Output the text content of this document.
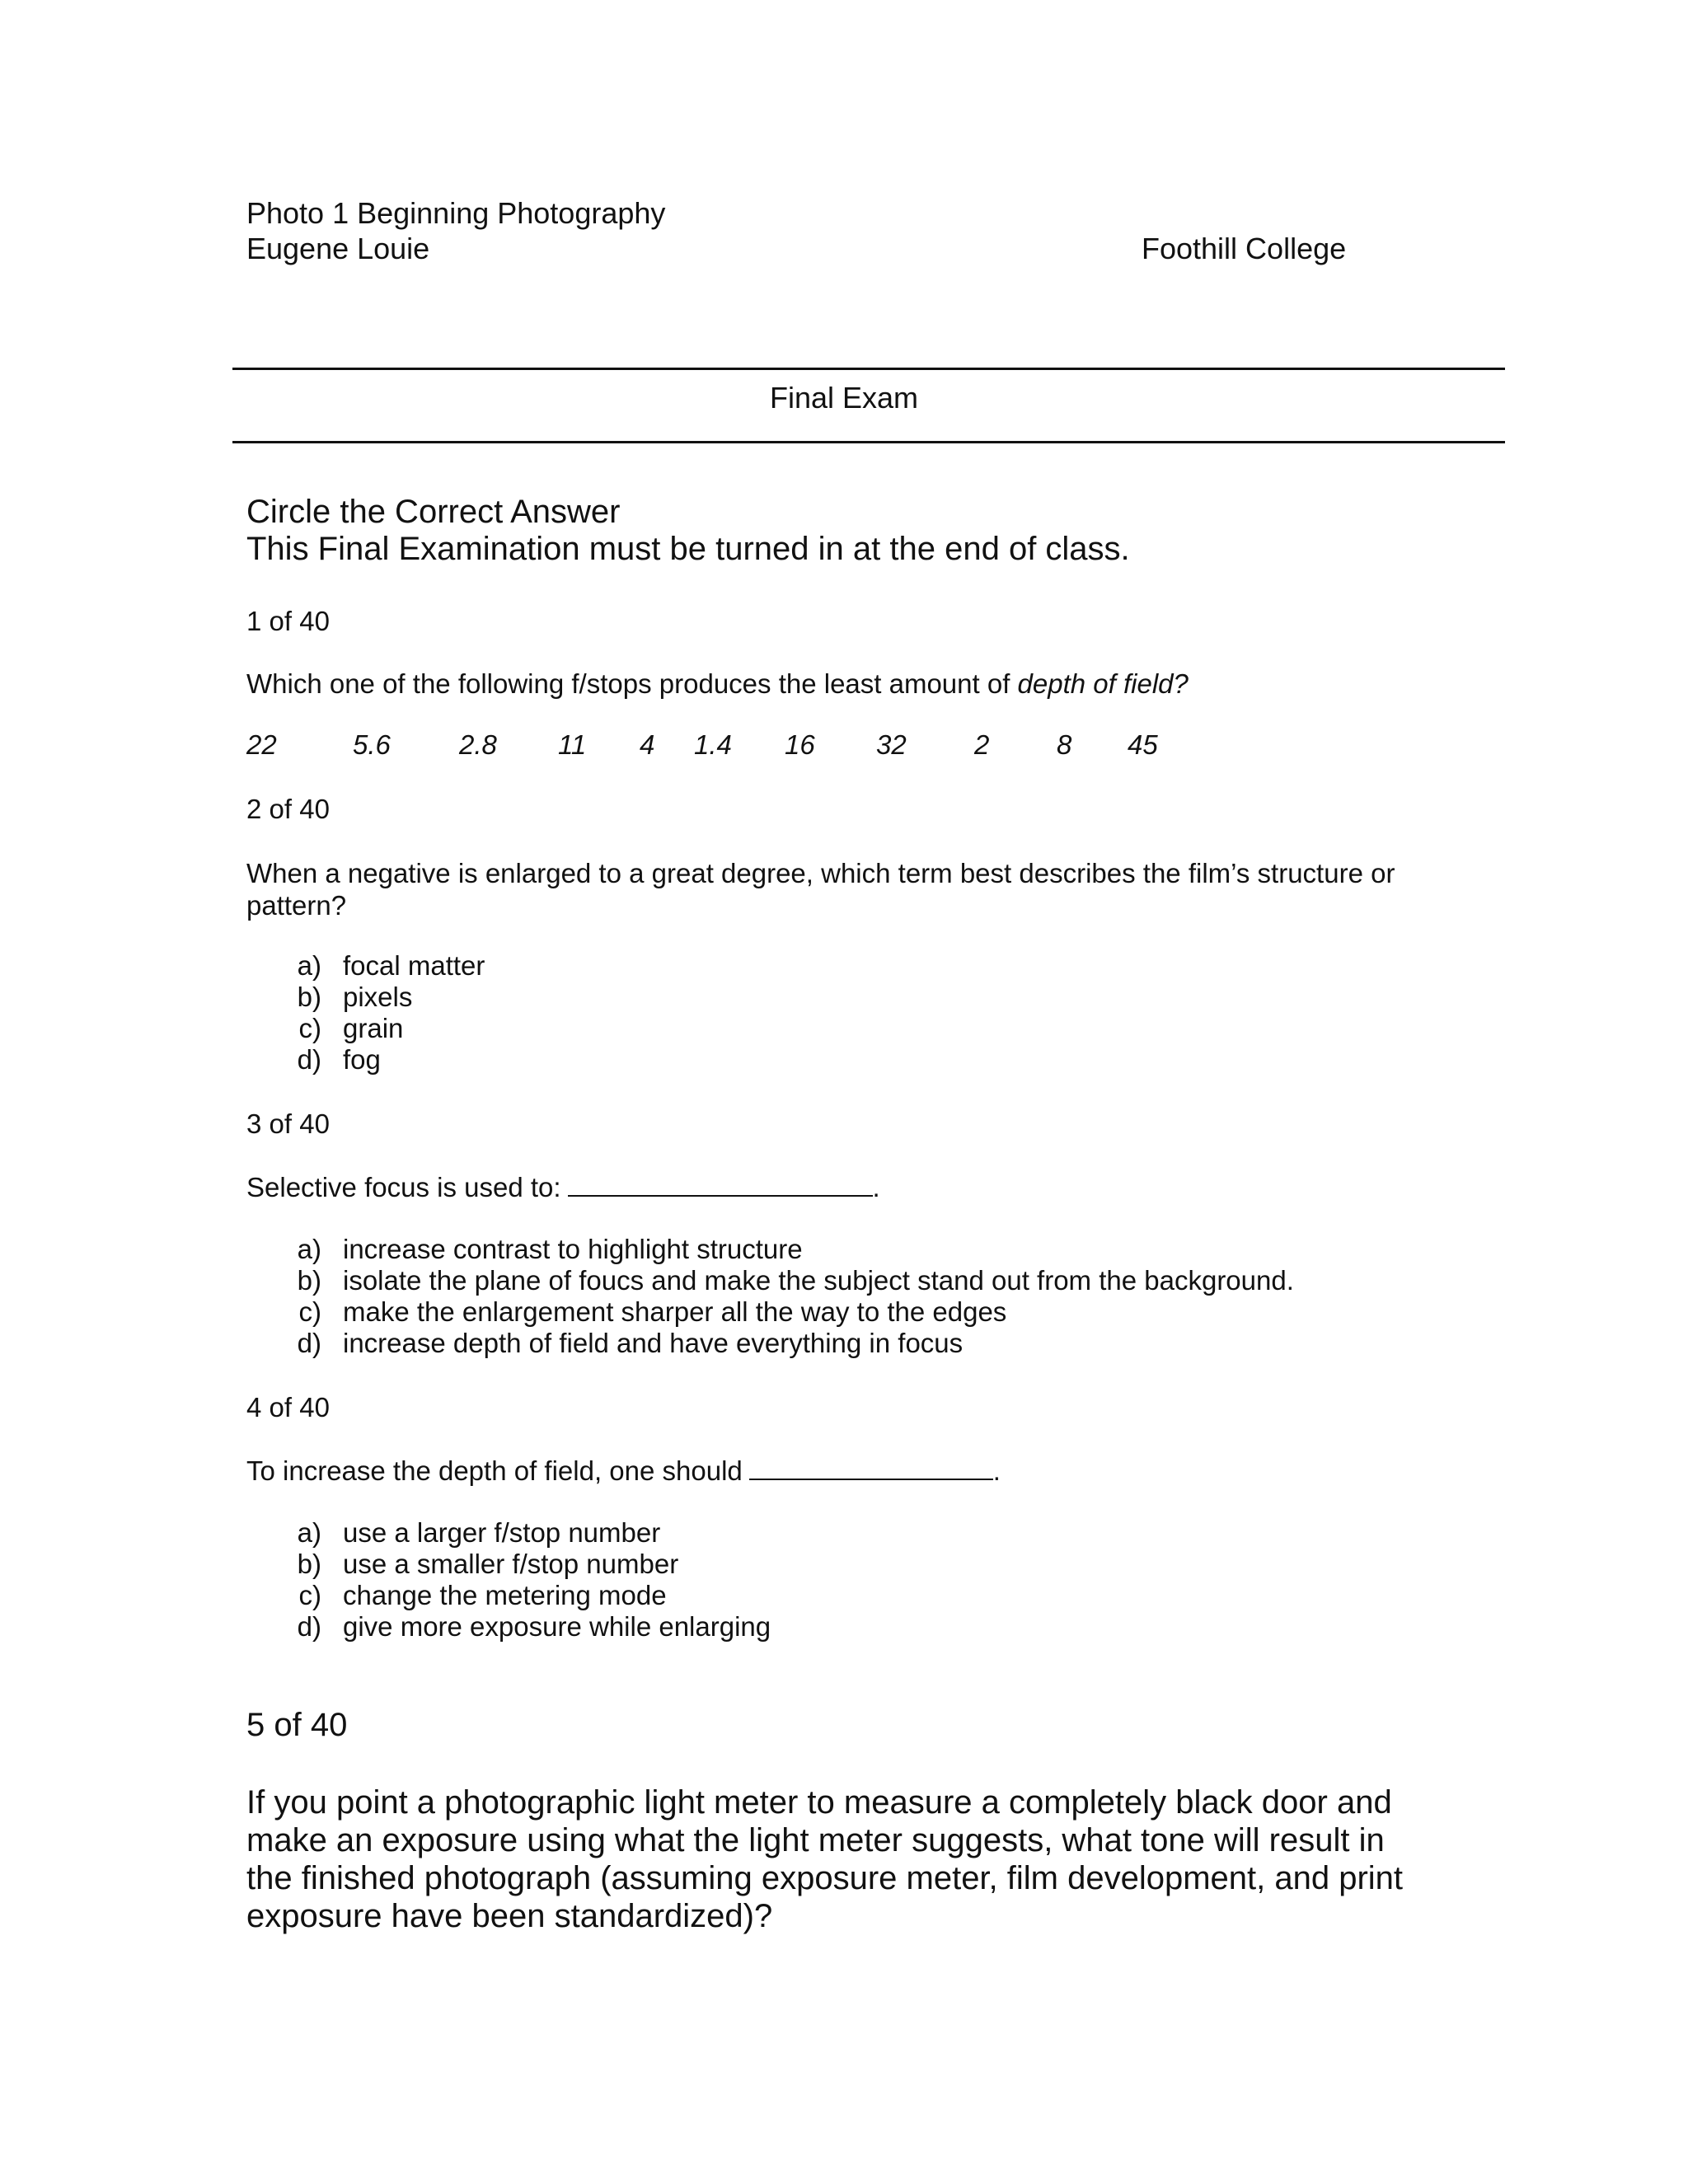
Photo 1 Beginning Photography
Eugene Louie	Foothill College
Final Exam
Circle the Correct Answer
This Final Examination must be turned in at the end of class.
1 of 40
Which one of the following f/stops produces the least amount of depth of field?
22	5.6	2.8 11 4 1.4 16 32 2 8 45
2 of 40
When a negative is enlarged to a great degree, which term best describes the film’s structure or pattern?
a) focal matter
b) pixels
c) grain
d) fog
3 of 40
Selective focus is used to:	.
a) increase contrast to highlight structure
b) isolate the plane of foucs and make the subject stand out from the background.
c) make the enlargement sharper all the way to the edges
d) increase depth of field and have everything in focus
4 of 40
To increase the depth of field, one should	.
a) use a larger f/stop number
b) use a smaller f/stop number
c) change the metering mode
d) give more exposure while enlarging
5 of 40
If you point a photographic light meter to measure a completely black door and make an exposure using what the light meter suggests, what tone will result in the finished photograph (assuming exposure meter, film development, and print exposure have been standardized)?
